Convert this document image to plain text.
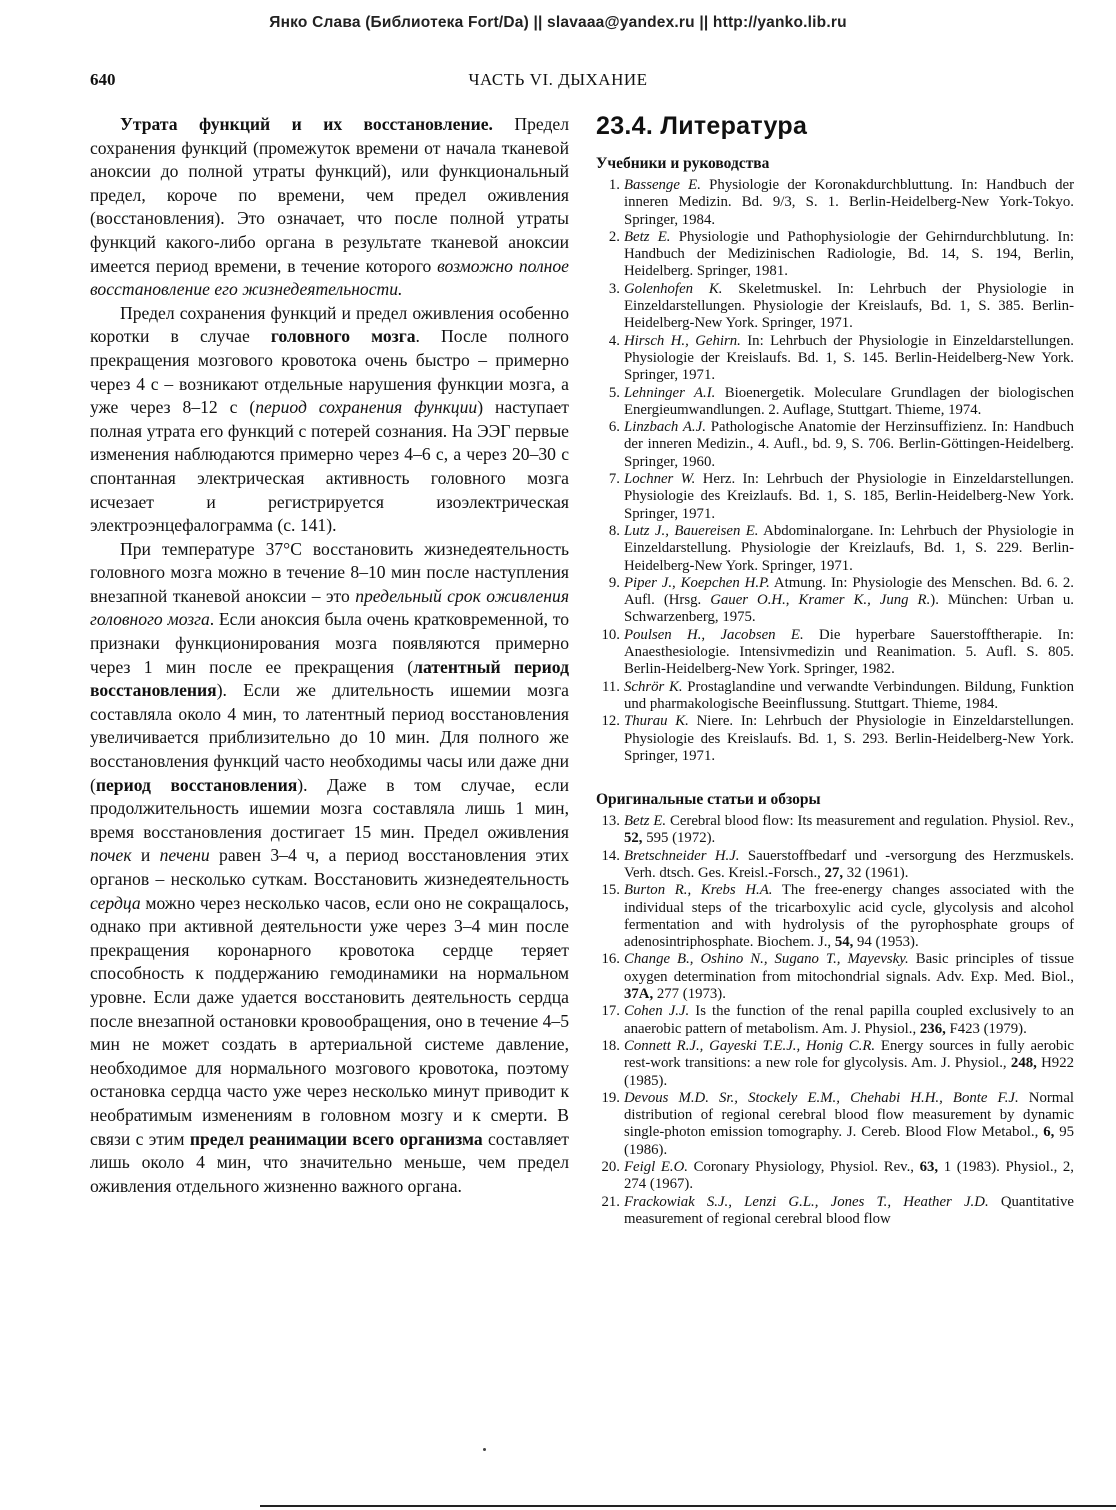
Янко Слава (Библиотека Fort/Da) || slavaaa@yandex.ru || http://yanko.lib.ru
640	ЧАСТЬ VI. ДЫХАНИЕ

Утрата функций и их восстановление. Предел сохранения функций (промежуток времени от начала тканевой аноксии до полной утраты функций), или функциональный предел, короче по времени, чем предел оживления (восстановления). Это означает, что после полной утраты функций какого-либо органа в результате тканевой аноксии имеется период времени, в течение которого возможно полное восстановление его жизнедеятельности.

Предел сохранения функций и предел оживления особенно коротки в случае головного мозга. После полного прекращения мозгового кровотока очень быстро – примерно через 4 с – возникают отдельные нарушения функции мозга, а уже через 8–12 с (период сохранения функции) наступает полная утрата его функций с потерей сознания. На ЭЭГ первые изменения наблюдаются примерно через 4–6 с, а через 20–30 с спонтанная электрическая активность головного мозга исчезает и регистрируется изоэлектрическая электроэнцефалограмма (с. 141).

При температуре 37°С восстановить жизнедеятельность головного мозга можно в течение 8–10 мин после наступления внезапной тканевой аноксии – это предельный срок оживления головного мозга. Если аноксия была очень кратковременной, то признаки функционирования мозга появляются примерно через 1 мин после ее прекращения (латентный период восстановления). Если же длительность ишемии мозга составляла около 4 мин, то латентный период восстановления увеличивается приблизительно до 10 мин. Для полного же восстановления функций часто необходимы часы или даже дни (период восстановления). Даже в том случае, если продолжительность ишемии мозга составляла лишь 1 мин, время восстановления достигает 15 мин. Предел оживления почек и печени равен 3–4 ч, а период восстановления этих органов – несколько суткам. Восстановить жизнедеятельность сердца можно через несколько часов, если оно не сокращалось, однако при активной деятельности уже через 3–4 мин после прекращения коронарного кровотока сердце теряет способность к поддержанию гемодинамики на нормальном уровне. Если даже удается восстановить деятельность сердца после внезапной остановки кровообращения, оно в течение 4–5 мин не может создать в артериальной системе давление, необходимое для нормального мозгового кровотока, поэтому остановка сердца часто уже через несколько минут приводит к необратимым изменениям в головном мозгу и к смерти. В связи с этим предел реанимации всего организма составляет лишь около 4 мин, что значительно меньше, чем предел оживления отдельного жизненно важного органа.

23.4. Литература
Учебники и руководства
1. Bassenge E. Physiologie der Koronakdurchbluttung. In: Handbuch der inneren Medizin. Bd. 9/3, S. 1. Berlin-Heidelberg-New York-Tokyo. Springer, 1984.
2. Betz E. Physiologie und Pathophysiologie der Gehirndurchblutung. In: Handbuch der Medizinischen Radiologie, Bd. 14, S. 194, Berlin, Heidelberg. Springer, 1981.
3. Golenhofen K. Skeletmuskel. In: Lehrbuch der Physiologie in Einzeldarstellungen. Physiologie der Kreislaufs, Bd. 1, S. 385. Berlin-Heidelberg-New York. Springer, 1971.
4. Hirsch H., Gehirn. In: Lehrbuch der Physiologie in Einzeldarstellungen. Physiologie der Kreislaufs. Bd. 1, S. 145. Berlin-Heidelberg-New York. Springer, 1971.
5. Lehninger A.I. Bioenergetik. Moleculare Grundlagen der biologischen Energieumwandlungen. 2. Auflage, Stuttgart. Thieme, 1974.
6. Linzbach A.J. Pathologische Anatomie der Herzinsuffizienz. In: Handbuch der inneren Medizin., 4. Aufl., bd. 9, S. 706. Berlin-Göttingen-Heidelberg. Springer, 1960.
7. Lochner W. Herz. In: Lehrbuch der Physiologie in Einzeldarstellungen. Physiologie des Kreizlaufs. Bd. 1, S. 185, Berlin-Heidelberg-New York. Springer, 1971.
8. Lutz J., Bauereisen E. Abdominalorgane. In: Lehrbuch der Physiologie in Einzeldarstellung. Physiologie der Kreizlaufs, Bd. 1, S. 229. Berlin-Heidelberg-New York. Springer, 1971.
9. Piper J., Koepchen H.P. Atmung. In: Physiologie des Menschen. Bd. 6. 2. Aufl. (Hrsg. Gauer O.H., Kramer K., Jung R.). München: Urban u. Schwarzenberg, 1975.
10. Poulsen H., Jacobsen E. Die hyperbare Sauerstofftherapie. In: Anaesthesiologie. Intensivmedizin und Reanimation. 5. Aufl. S. 805. Berlin-Heidelberg-New York. Springer, 1982.
11. Schrör K. Prostaglandine und verwandte Verbindungen. Bildung, Funktion und pharmakologische Beeinflussung. Stuttgart. Thieme, 1984.
12. Thurau K. Niere. In: Lehrbuch der Physiologie in Einzeldarstellungen. Physiologie des Kreislaufs. Bd. 1, S. 293. Berlin-Heidelberg-New York. Springer, 1971.
Оригинальные статьи и обзоры
13. Betz E. Cerebral blood flow: Its measurement and regulation. Physiol. Rev., 52, 595 (1972).
14. Bretschneider H.J. Sauerstoffbedarf und -versorgung des Herzmuskels. Verh. dtsch. Ges. Kreisl.-Forsch., 27, 32 (1961).
15. Burton R., Krebs H.A. The free-energy changes associated with the individual steps of the tricarboxylic acid cycle, glycolysis and alcohol fermentation and with hydrolysis of the pyrophosphate groups of adenosintriphosphate. Biochem. J., 54, 94 (1953).
16. Change B., Oshino N., Sugano T., Mayevsky. Basic principles of tissue oxygen determination from mitochondrial signals. Adv. Exp. Med. Biol., 37A, 277 (1973).
17. Cohen J.J. Is the function of the renal papilla coupled exclusively to an anaerobic pattern of metabolism. Am. J. Physiol., 236, F423 (1979).
18. Connett R.J., Gayeski T.E.J., Honig C.R. Energy sources in fully aerobic rest-work transitions: a new role for glycolysis. Am. J. Physiol., 248, H922 (1985).
19. Devous M.D. Sr., Stockely E.M., Chehabi H.H., Bonte F.J. Normal distribution of regional cerebral blood flow measurement by dynamic single-photon emission tomography. J. Cereb. Blood Flow Metabol., 6, 95 (1986).
20. Feigl E.O. Coronary Physiology, Physiol. Rev., 63, 1 (1983). Physiol., 2, 274 (1967).
21. Frackowiak S.J., Lenzi G.L., Jones T., Heather J.D. Quantitative measurement of regional cerebral blood flow
